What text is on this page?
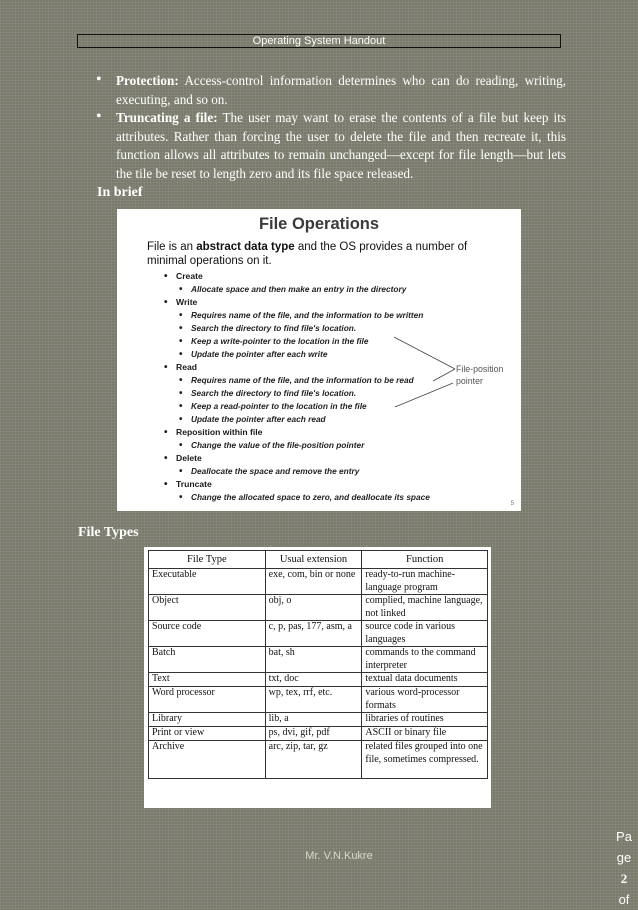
Operating System Handout
• Protection: Access-control information determines who can do reading, writing, executing, and so on.
• Truncating a file: The user may want to erase the contents of a file but keep its attributes. Rather than forcing the user to delete the file and then recreate it, this function allows all attributes to remain unchanged—except for file length—but lets the tile be reset to length zero and its file space released.
In brief
File Operations
File is an abstract data type and the OS provides a number of minimal operations on it.
• Create
• Allocate space and then make an entry in the directory
• Write
• Requires name of the file, and the information to be written
• Search the directory to find file's location.
• Keep a write-pointer to the location in the file
• Update the pointer after each write
• Read
• Requires name of the file, and the information to be read
• Search the directory to find file's location.
• Keep a read-pointer to the location in the file
• Update the pointer after each read
• Reposition within file
• Change the value of the file-position pointer
• Delete
• Deallocate the space and remove the entry
• Truncate
• Change the allocated space to zero, and deallocate its space
File-position
pointer
5
File Types
File Type	Usual extension	Function
Executable	exe, com, bin or none	ready-to-run machine-language program
Object	obj, o	complied, machine language, not linked
Source code	c, p, pas, 177, asm, a	source code in various languages
Batch	bat, sh	commands to the command interpreter
Text	txt, doc	textual data documents
Word processor	wp, tex, rrf, etc.	various word-processor formats
Library	lib, a	libraries of routines
Print or view	ps, dvi, gif, pdf	ASCII or binary file
Archive	arc, zip, tar, gz	related files grouped into one file, sometimes compressed.
Mr. V.N.Kukre
Pa
ge
2
of
